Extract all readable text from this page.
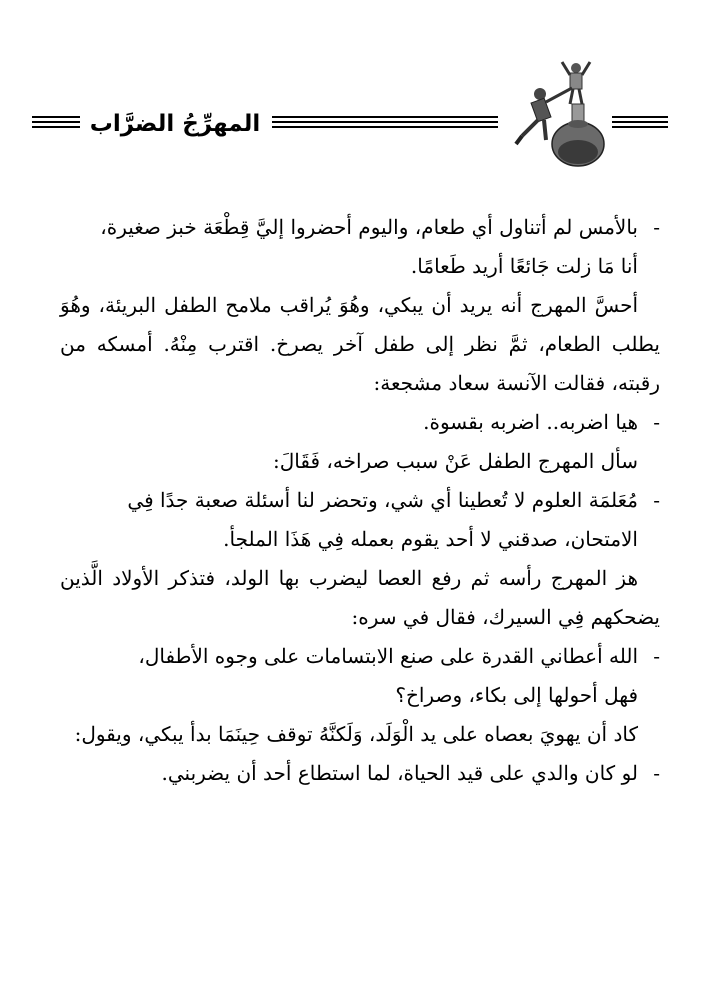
المهرِّجُ الضرَّاب
-
بالأمس لم أتناول أي طعام، واليوم أحضروا إليَّ قِطْعَة خبز صغيرة،
أنا مَا زلت جَائعًا أريد طَعامًا.

أحسَّ المهرج أنه يريد أن يبكي، وهُوَ يُراقب ملامح الطفل البريئة، وهُوَ يطلب الطعام، ثمَّ نظر إلى طفل آخر يصرخ. اقترب مِنْهُ. أمسكه من رقبته، فقالت الآنسة سعاد مشجعة:

-
هيا اضربه.. اضربه بقسوة.

سأل المهرج الطفل عَنْ سبب صراخه، فَقَالَ:

-
مُعَلمَة العلوم لا تُعطينا أي شي، وتحضر لنا أسئلة صعبة جدًا فِي
الامتحان، صدقني لا أحد يقوم بعمله فِي هَذَا الملجأ.

هز المهرج رأسه ثم رفع العصا ليضرب بها الولد، فتذكر الأولاد الَّذين يضحكهم فِي السيرك، فقال في سره:

-
الله أعطاني القدرة على صنع الابتسامات على وجوه الأطفال،
فهل أحولها إلى بكاء، وصراخ؟

كاد أن يهويَ بعصاه على يد الْوَلَد، وَلَكنَّهُ توقف حِينَمَا بدأ يبكي، ويقول:

-
لو كان والدي على قيد الحياة، لما استطاع أحد أن يضربني.
